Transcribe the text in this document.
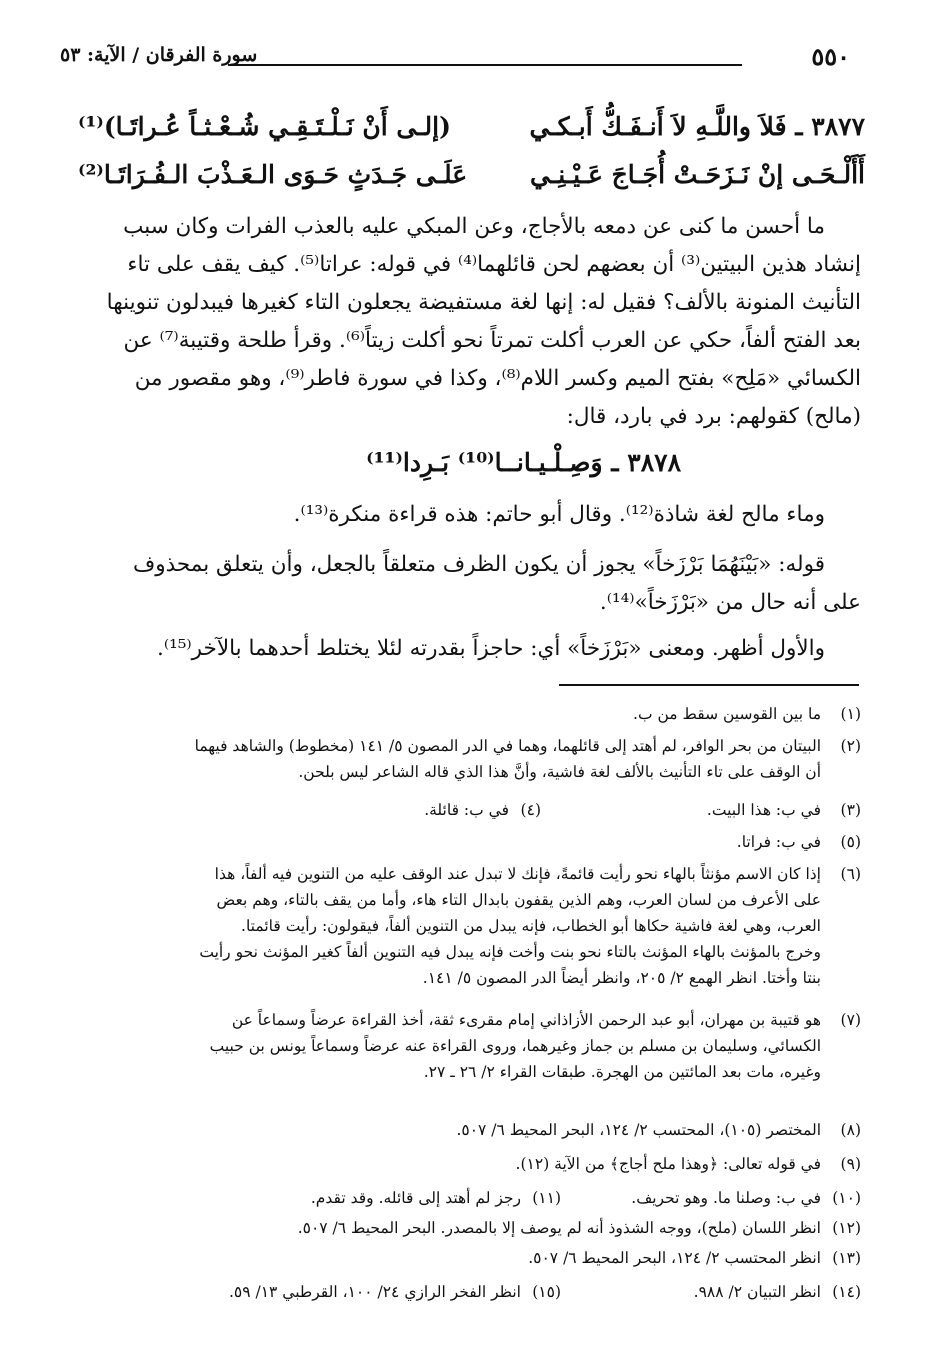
٥٥٠
سورة الفرقان / الآية: ٥٣
٣٨٧٧ ـ فَلاَ واللَّـهِ لاَ أَنـفَـكُّ أَبـكـي
(إلـى أَنْ نَـلْـتَـقِـي شُـعْـثـاً عُـراتَـا)⁽¹⁾
أَأَلْـحَـى إنْ نَـزَحَـتْ أُجَـاجَ عَـيْـنِـي
عَلَـى جَـدَثٍ حَـوَى الـعَـذْبَ الـفُـرَاتَـا⁽²⁾

ما أحسن ما كنى عن دمعه بالأجاج، وعن المبكي عليه بالعذب الفرات وكان سبب

إنشاد هذين البيتين⁽³⁾ أن بعضهم لحن قائلهما⁽⁴⁾ في قوله: عراتا⁽⁵⁾. كيف يقف على تاء

التأنيث المنونة بالألف؟ فقيل له: إنها لغة مستفيضة يجعلون التاء كغيرها فيبدلون تنوينها

بعد الفتح ألفاً، حكي عن العرب أكلت تمرتاً نحو أكلت زيتاً⁽⁶⁾. وقرأ طلحة وقتيبة⁽⁷⁾ عن

الكسائي «مَلِح» بفتح الميم وكسر اللام⁽⁸⁾، وكذا في سورة فاطر⁽⁹⁾، وهو مقصور من

(مالح) كقولهم: برد في بارد، قال:

٣٨٧٨ ـ وَصِـلْـيـانــا⁽¹⁰⁾ بَـرِدا⁽¹¹⁾
وماء مالح لغة شاذة⁽¹²⁾. وقال أبو حاتم: هذه قراءة منكرة⁽¹³⁾.
قوله: «بَيْنَهُمَا بَرْزَخاً» يجوز أن يكون الظرف متعلقاً بالجعل، وأن يتعلق بمحذوف
على أنه حال من «بَرْزَخاً»⁽¹⁴⁾.
والأول أظهر. ومعنى «بَرْزَخاً» أي: حاجزاً بقدرته لئلا يختلط أحدهما بالآخر⁽¹⁵⁾.
(١)
ما بين القوسين سقط من ب.
(٢)
البيتان من بحر الوافر، لم أهتد إلى قائلهما، وهما في الدر المصون ٥/ ١٤١ (مخطوط) والشاهد فيهما
أن الوقف على تاء التأنيث بالألف لغة فاشية، وأنَّ هذا الذي قاله الشاعر ليس بلحن.
(٣)
في ب: هذا البيت.
(٤)
في ب: قائلة.
(٥)
في ب: فراتا.
(٦)
إذا كان الاسم مؤنثاً بالهاء نحو رأيت قائمةً، فإنك لا تبدل عند الوقف عليه من التنوين فيه ألفاً، هذا
على الأعرف من لسان العرب، وهم الذين يقفون بابدال التاء هاء، وأما من يقف بالتاء، وهم بعض
العرب، وهي لغة فاشية حكاها أبو الخطاب، فإنه يبدل من التنوين ألفاً، فيقولون: رأيت قائمتا.
وخرج بالمؤنث بالهاء المؤنث بالتاء نحو بنت وأخت فإنه يبدل فيه التنوين ألفاً كغير المؤنث نحو رأيت
بنتا وأختا. انظر الهمع ٢/ ٢٠٥، وانظر أيضاً الدر المصون ٥/ ١٤١.
(٧)
هو قتيبة بن مهران، أبو عبد الرحمن الأزاذاني إمام مقرىء ثقة، أخذ القراءة عرضاً وسماعاً عن
الكسائي، وسليمان بن مسلم بن جماز وغيرهما، وروى القراءة عنه عرضاً وسماعاً يونس بن حبيب
وغيره، مات بعد المائتين من الهجرة. طبقات القراء ٢/ ٢٦ ـ ٢٧.
(٨)
المختصر (١٠٥)، المحتسب ٢/ ١٢٤، البحر المحيط ٦/ ٥٠٧.
(٩)
في قوله تعالى: ﴿وهذا ملح أجاج﴾ من الآية (١٢).
(١٠)
في ب: وصلنا ما. وهو تحريف.
(١١)
رجز لم أهتد إلى قائله. وقد تقدم.
(١٢)
انظر اللسان (ملح)، ووجه الشذوذ أنه لم يوصف إلا بالمصدر. البحر المحيط ٦/ ٥٠٧.
(١٣)
انظر المحتسب ٢/ ١٢٤، البحر المحيط ٦/ ٥٠٧.
(١٤)
انظر التبيان ٢/ ٩٨٨.
(١٥)
انظر الفخر الرازي ٢٤/ ١٠٠، القرطبي ١٣/ ٥٩.
